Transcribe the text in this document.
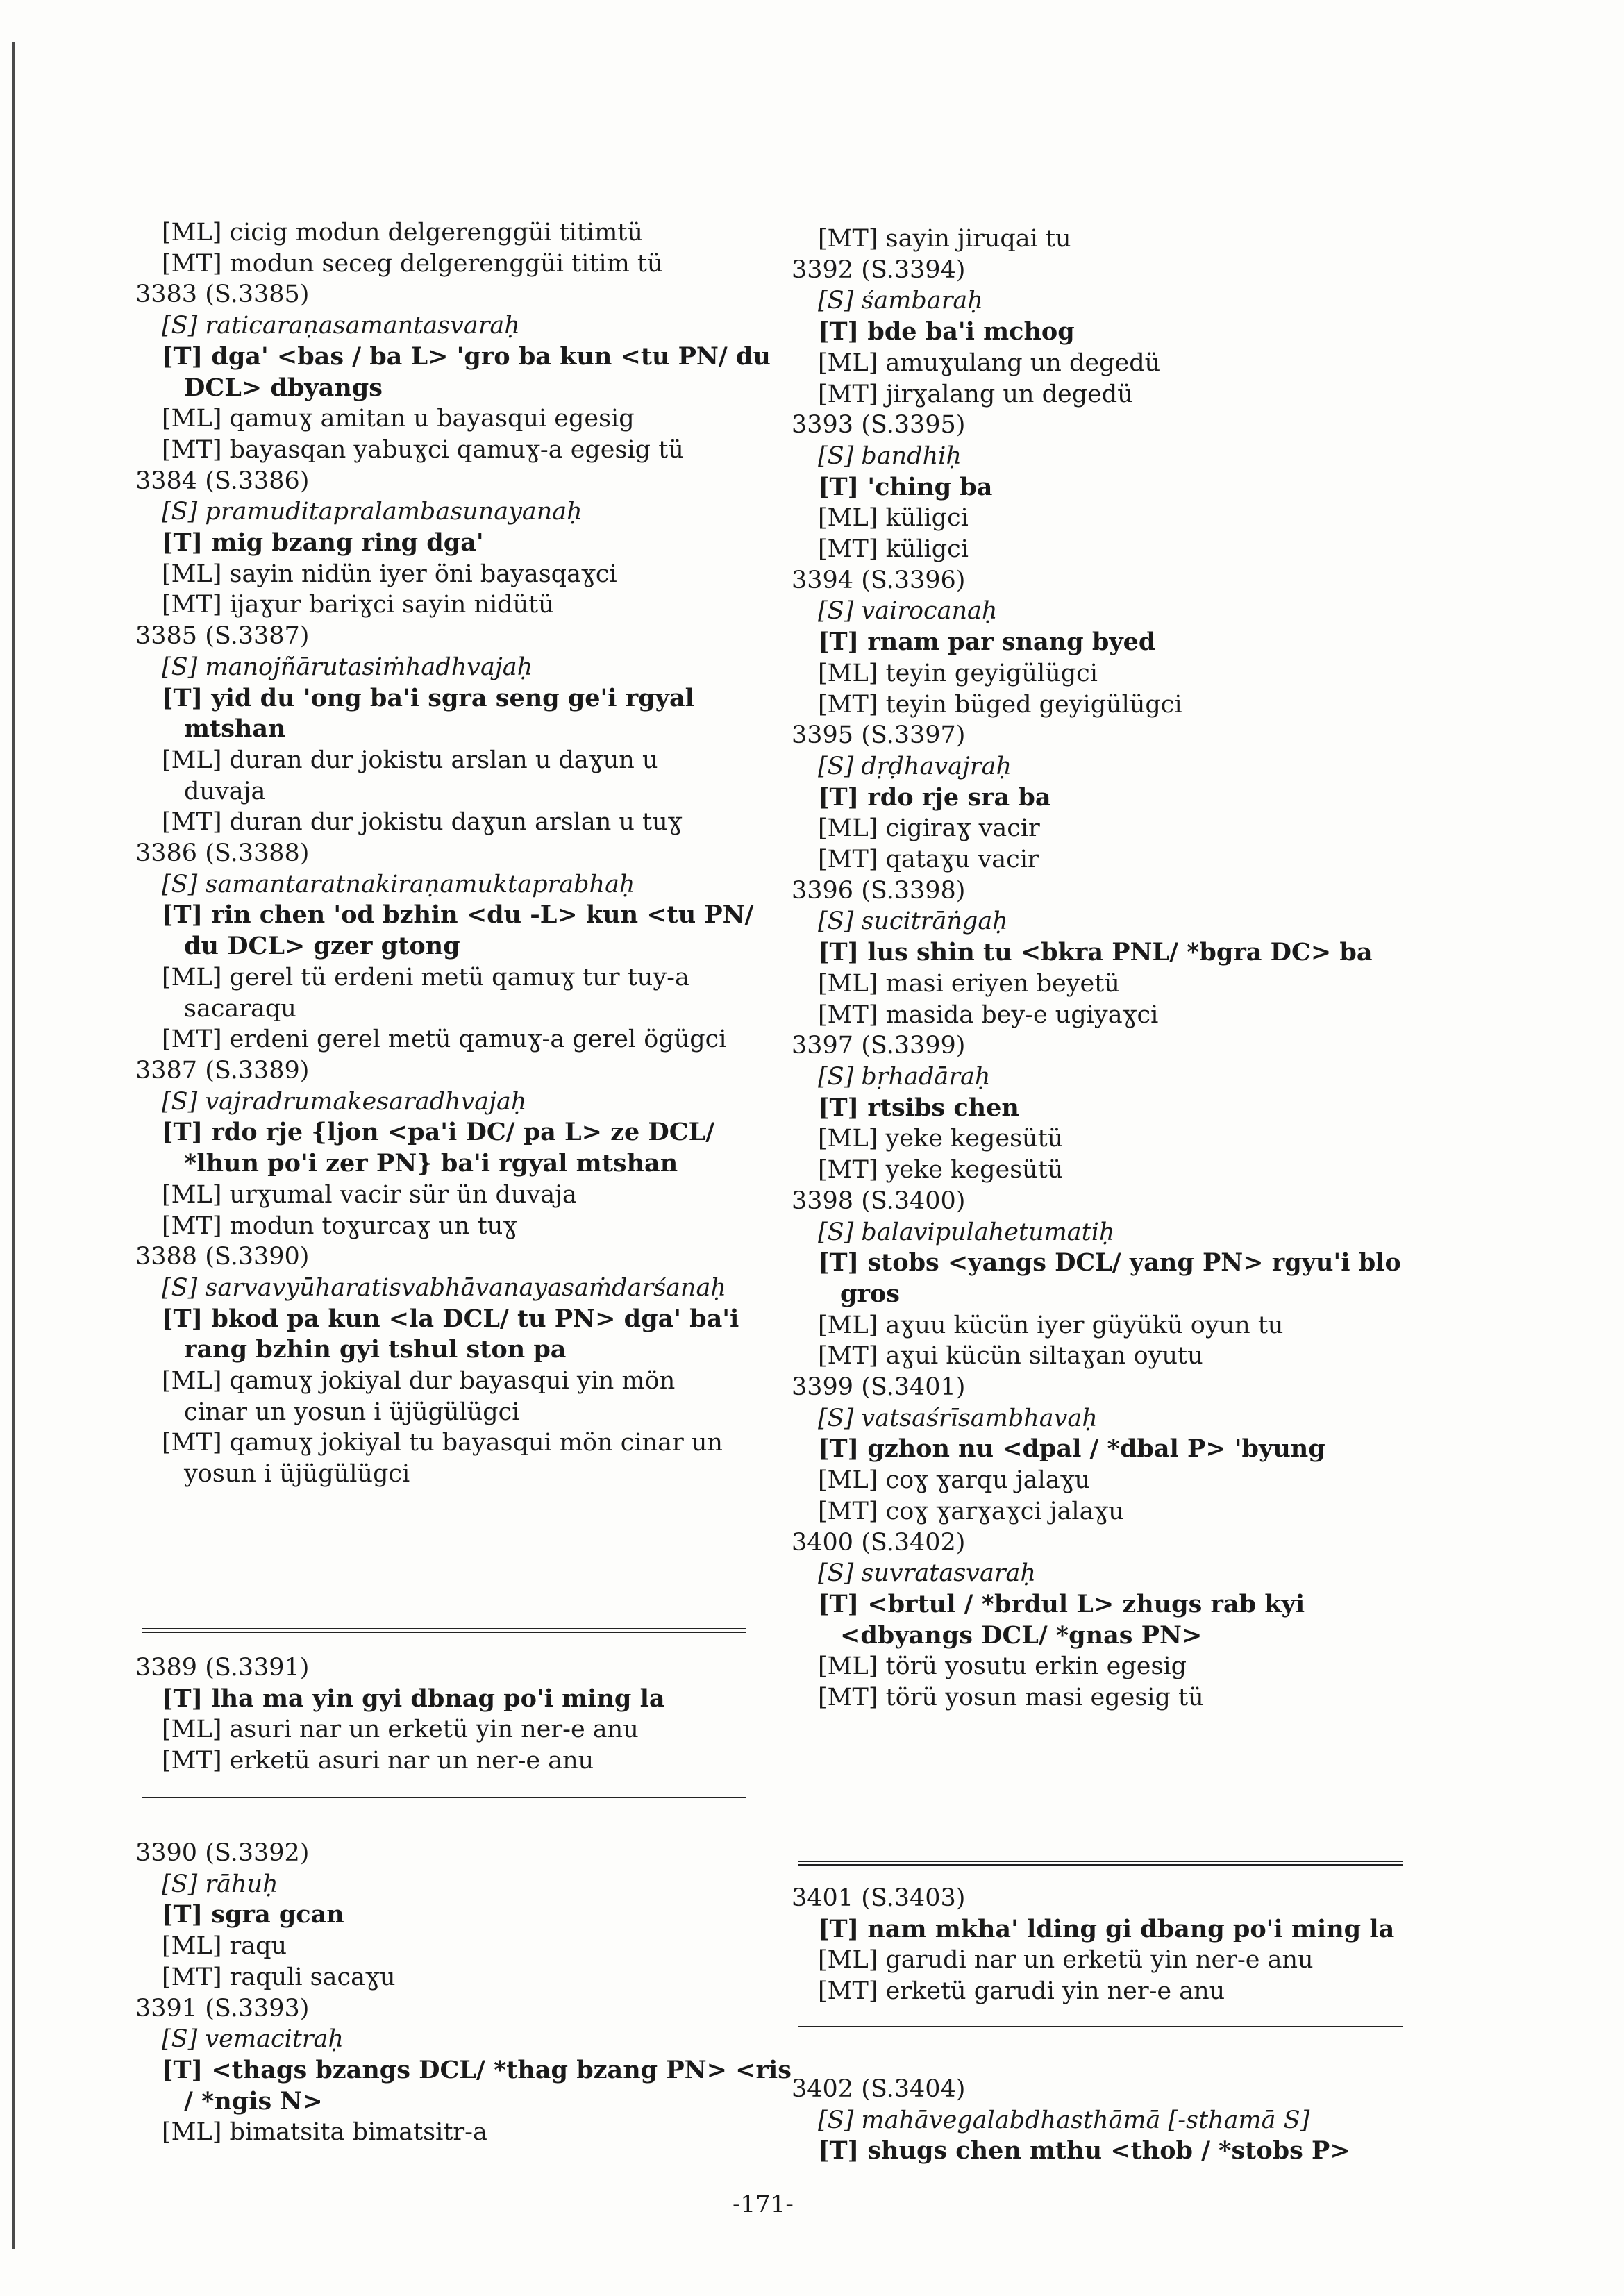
[ML] cicig modun delgerenggüi titimtü
[MT] modun seceg delgerenggüi titim tü
3383 (S.3385)
[S] raticaraṇasamantasvaraḥ
[T] dga' <bas / ba L> 'gro ba kun <tu PN/ du
DCL> dbyangs
[ML] qamuɣ amitan u bayasqui egesig
[MT] bayasqan yabuɣci qamuɣ-a egesig tü
3384 (S.3386)
[S] pramuditapralambasunayanaḥ
[T] mig bzang ring dga'
[ML] sayin nidün iyer öni bayasqaɣci
[MT] ijaɣur bariɣci sayin nidütü
3385 (S.3387)
[S] manojñārutasiṁhadhvajaḥ
[T] yid du 'ong ba'i sgra seng ge'i rgyal
mtshan
[ML] duran dur jokistu arslan u daɣun u
duvaja
[MT] duran dur jokistu daɣun arslan u tuɣ
3386 (S.3388)
[S] samantaratnakiraṇamuktaprabhaḥ
[T] rin chen 'od bzhin <du -L> kun <tu PN/
du DCL> gzer gtong
[ML] gerel tü erdeni metü qamuɣ tur tuy-a
sacaraqu
[MT] erdeni gerel metü qamuɣ-a gerel ögügci
3387 (S.3389)
[S] vajradrumakesaradhvajaḥ
[T] rdo rje {ljon <pa'i DC/ pa L> ze DCL/
*lhun po'i zer PN} ba'i rgyal mtshan
[ML] urɣumal vacir sür ün duvaja
[MT] modun toɣurcaɣ un tuɣ
3388 (S.3390)
[S] sarvavyūharatisvabhāvanayasaṁdarśanaḥ
[T] bkod pa kun <la DCL/ tu PN> dga' ba'i
rang bzhin gyi tshul ston pa
[ML] qamuɣ jokiyal dur bayasqui yin mön
cinar un yosun i üjügülügci
[MT] qamuɣ jokiyal tu bayasqui mön cinar un
yosun i üjügülügci
3389 (S.3391)
[T] lha ma yin gyi dbnag po'i ming la
[ML] asuri nar un erketü yin ner-e anu
[MT] erketü asuri nar un ner-e anu
3390 (S.3392)
[S] rāhuḥ
[T] sgra gcan
[ML] raqu
[MT] raquli sacaɣu
3391 (S.3393)
[S] vemacitraḥ
[T] <thags bzangs DCL/ *thag bzang PN> <ris
/ *ngis N>
[ML] bimatsita bimatsitr-a
[MT] sayin jiruqai tu
3392 (S.3394)
[S] śambaraḥ
[T] bde ba'i mchog
[ML] amuɣulang un degedü
[MT] jirɣalang un degedü
3393 (S.3395)
[S] bandhiḥ
[T] 'ching ba
[ML] küligci
[MT] küligci
3394 (S.3396)
[S] vairocanaḥ
[T] rnam par snang byed
[ML] teyin geyigülügci
[MT] teyin büged geyigülügci
3395 (S.3397)
[S] dṛḍhavajraḥ
[T] rdo rje sra ba
[ML] cigiraɣ vacir
[MT] qataɣu vacir
3396 (S.3398)
[S] sucitrāṅgaḥ
[T] lus shin tu <bkra PNL/ *bgra DC> ba
[ML] masi eriyen beyetü
[MT] masida bey-e ugiyaɣci
3397 (S.3399)
[S] bṛhadāraḥ
[T] rtsibs chen
[ML] yeke kegesütü
[MT] yeke kegesütü
3398 (S.3400)
[S] balavipulahetumatiḥ
[T] stobs <yangs DCL/ yang PN> rgyu'i blo
gros
[ML] aɣuu kücün iyer güyükü oyun tu
[MT] aɣui kücün siltaɣan oyutu
3399 (S.3401)
[S] vatsaśrīsambhavaḥ
[T] gzhon nu <dpal / *dbal P> 'byung
[ML] coɣ ɣarqu jalaɣu
[MT] coɣ ɣarɣaɣci jalaɣu
3400 (S.3402)
[S] suvratasvaraḥ
[T] <brtul / *brdul L> zhugs rab kyi
<dbyangs DCL/ *gnas PN>
[ML] törü yosutu erkin egesig
[MT] törü yosun masi egesig tü
3401 (S.3403)
[T] nam mkha' lding gi dbang po'i ming la
[ML] garudi nar un erketü yin ner-e anu
[MT] erketü garudi yin ner-e anu
3402 (S.3404)
[S] mahāvegalabdhasthāmā [-sthamā S]
[T] shugs chen mthu <thob / *stobs P>
-171-
